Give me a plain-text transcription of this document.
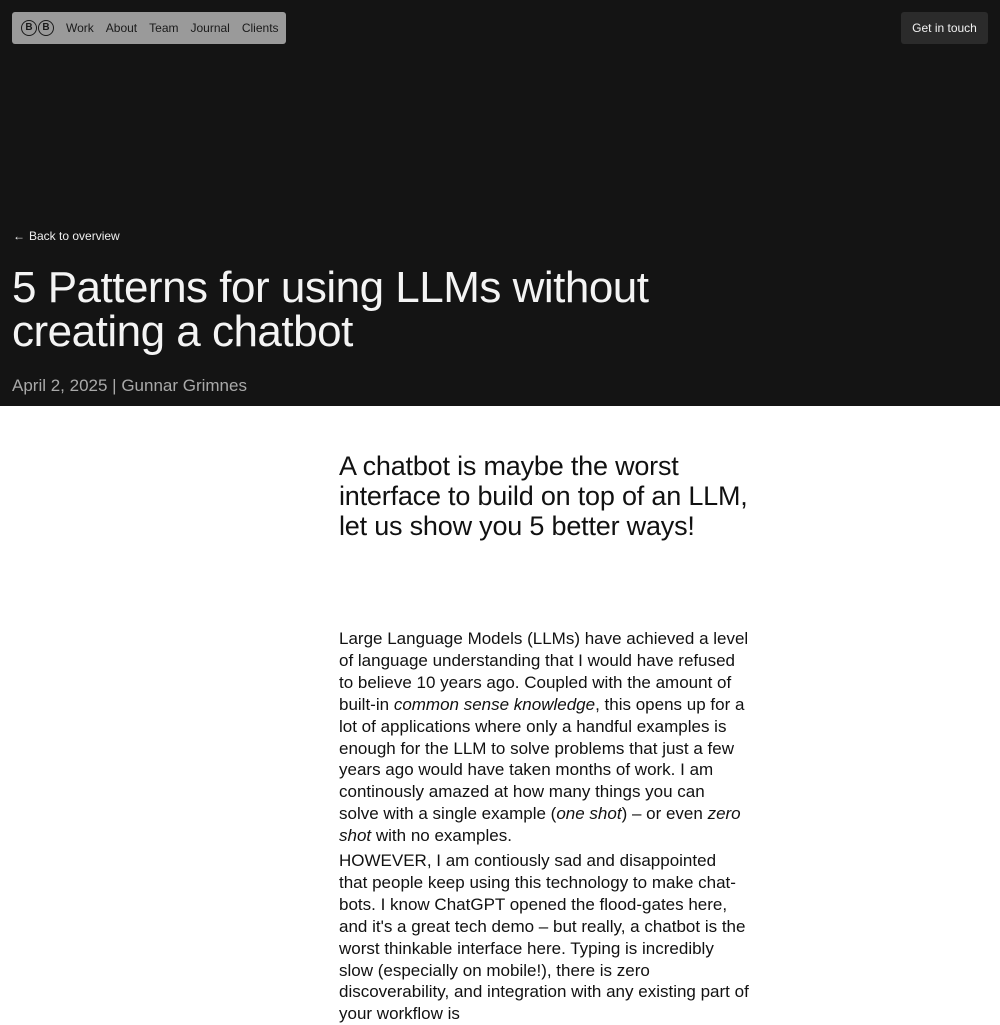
B B	Work About Team Journal Clients	Get in touch
← Back to overview
5 Patterns for using LLMs without creating a chatbot
April 2, 2025 | Gunnar Grimnes
A chatbot is maybe the worst interface to build on top of an LLM, let us show you 5 better ways!

Large Language Models (LLMs) have achieved a level of language understanding that I would have refused to believe 10 years ago. Coupled with the amount of built-in common sense knowledge, this opens up for a lot of applications where only a handful examples is enough for the LLM to solve problems that just a few years ago would have taken months of work. I am continously amazed at how many things you can solve with a single example (one shot) – or even zero shot with no examples.

HOWEVER, I am contiously sad and disappointed that people keep using this technology to make chat-bots. I know ChatGPT opened the flood-gates here, and it's a great tech demo – but really, a chatbot is the worst thinkable interface here. Typing is incredibly slow (especially on mobile!), there is zero discoverability, and integration with any existing part of your workflow is
